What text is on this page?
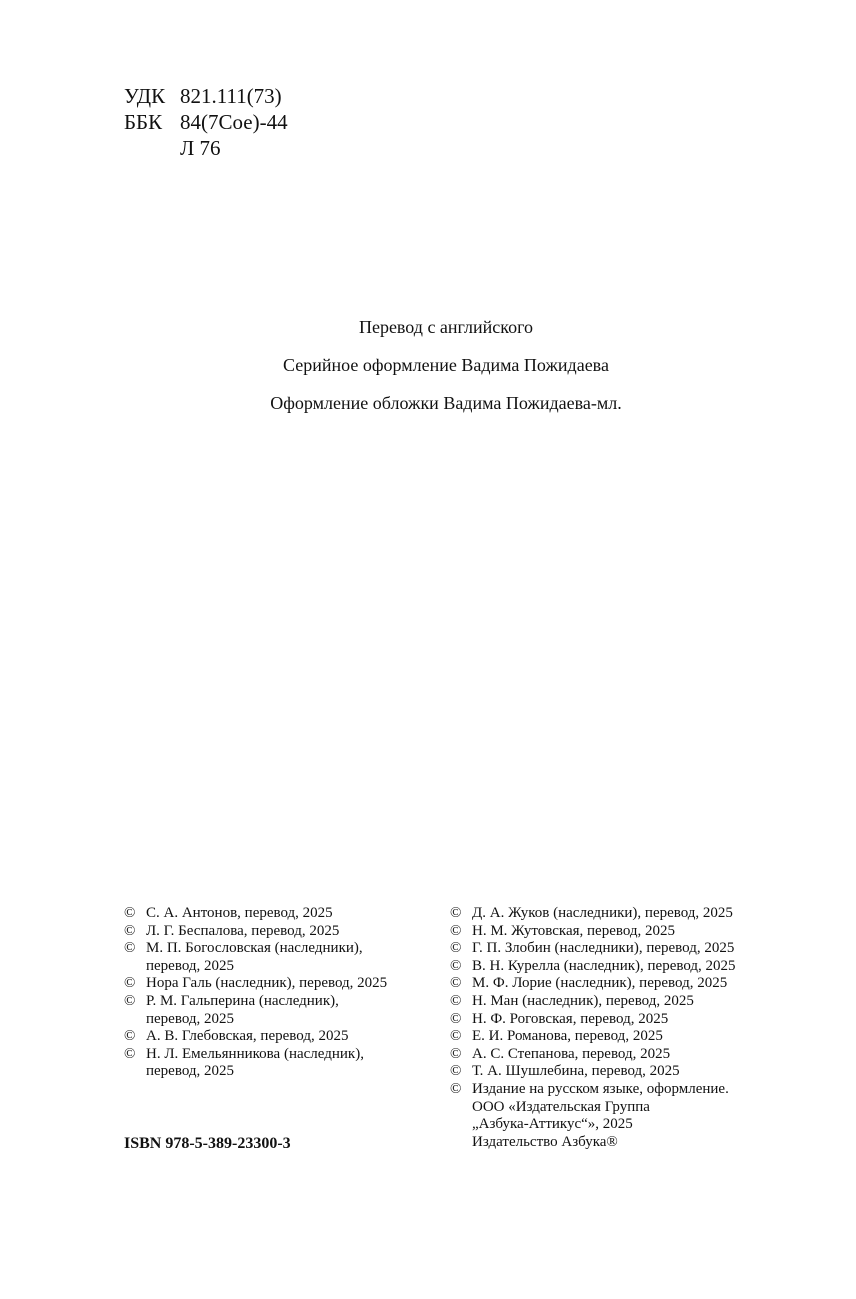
УДК 821.111(73)
ББК 84(7Сое)-44
Л 76
Перевод с английского
Серийное оформление Вадима Пожидаева
Оформление обложки Вадима Пожидаева-мл.
© С. А. Антонов, перевод, 2025
© Л. Г. Беспалова, перевод, 2025
© М. П. Богословская (наследники),
перевод, 2025
© Нора Галь (наследник), перевод, 2025
© Р. М. Гальперина (наследник),
перевод, 2025
© А. В. Глебовская, перевод, 2025
© Н. Л. Емельянникова (наследник),
перевод, 2025
© Д. А. Жуков (наследники), перевод, 2025
© Н. М. Жутовская, перевод, 2025
© Г. П. Злобин (наследники), перевод, 2025
© В. Н. Курелла (наследник), перевод, 2025
© М. Ф. Лорие (наследник), перевод, 2025
© Н. Ман (наследник), перевод, 2025
© Н. Ф. Роговская, перевод, 2025
© Е. И. Романова, перевод, 2025
© А. С. Степанова, перевод, 2025
© Т. А. Шушлебина, перевод, 2025
© Издание на русском языке, оформление.
ООО «Издательская Группа
„Азбука-Аттикус“», 2025
Издательство Азбука®
ISBN 978-5-389-23300-3
